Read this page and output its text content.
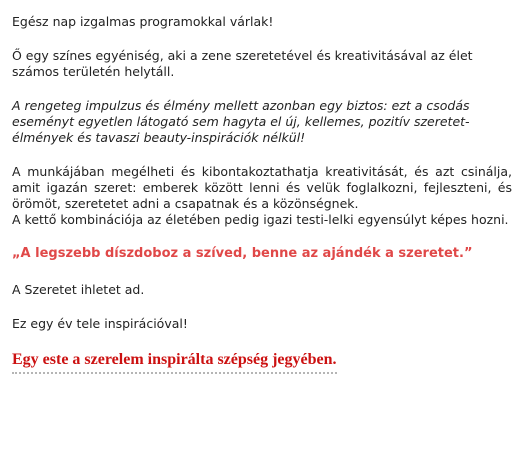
Egész nap izgalmas programokkal várlak!

Ő egy színes egyéniség, aki a zene szeretetével és kreativitásával az élet számos területén helytáll.

A rengeteg impulzus és élmény mellett azonban egy biztos: ezt a csodás eseményt egyetlen látogató sem hagyta el új, kellemes, pozitív szeretet-élmények és tavaszi beauty-inspirációk nélkül!

A munkájában megélheti és kibontakoztathatja kreativitását, és azt csinálja, amit igazán szeret: emberek között lenni és velük foglalkozni, fejleszteni, és örömöt, szeretetet adni a csapatnak és a közönségnek.

A kettő kombinációja az életében pedig igazi testi-lelki egyensúlyt képes hozni.

„A legszebb díszdoboz a szíved, benne az ajándék a szeretet.”

A Szeretet ihletet ad.

Ez egy év tele inspirációval!

Egy este a szerelem inspirálta szépség jegyében.
